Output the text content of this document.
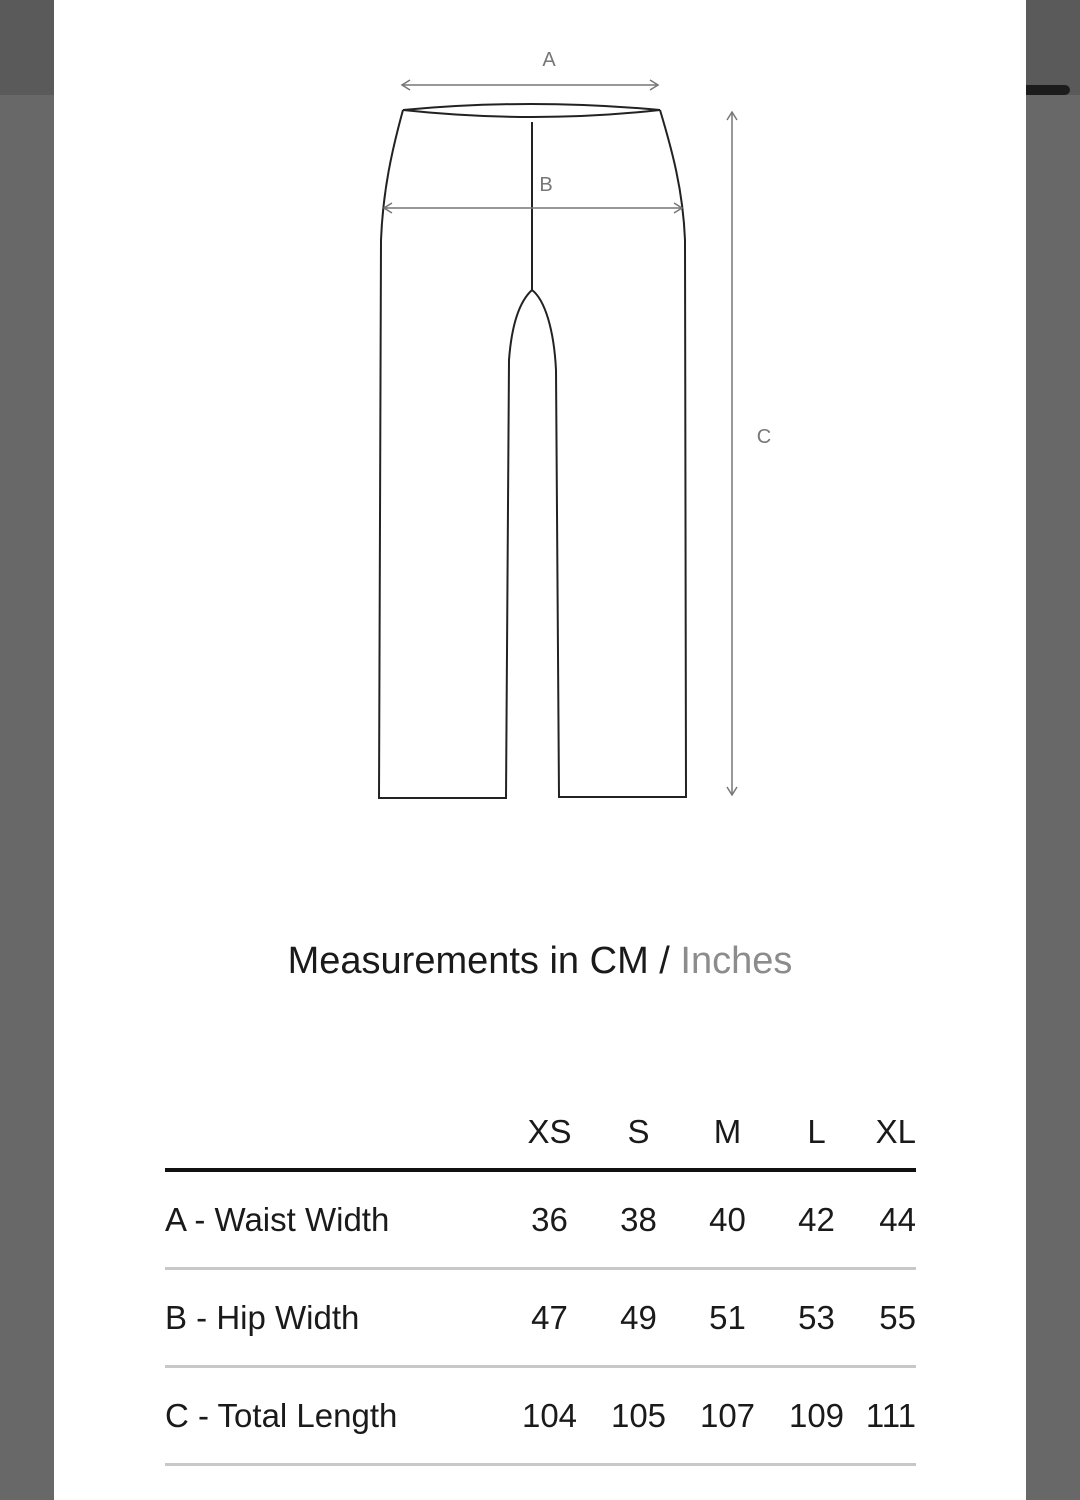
A
B
C
Measurements in CM / Inches
XS	S	M	L	XL
A - Waist Width	36	38	40	42	44
B - Hip Width	47	49	51	53	55
C - Total Length	104	105	107	109 111
